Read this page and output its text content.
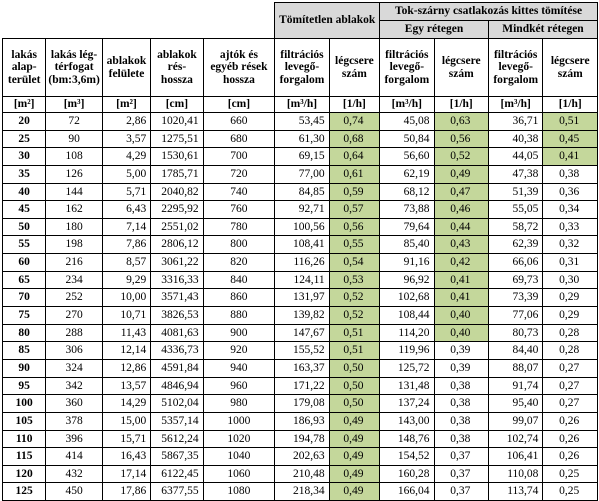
					Tömítetlen ablakok		Tok-szárny csatlakozás kittes tömítése			
							Egy rétegen		Mindkét rétegen	
lakás alap-terület	lakás lég-térfogat (bm:3,6m)	ablakok felülete	ablakok rés-hossza	ajtók és egyéb rések hossza	filtrációs levegő-forgalom	légcsere szám	filtrációs levegő-forgalom	légcsere szám	filtrációs levegő-forgalom	légcsere szám
[m²]	[m³]	[m²]	[cm]	[cm]	[m³/h]	[1/h]	[m³/h]	[1/h]	[m³/h]	[1/h]
20	72	2,86	1020,41	660	53,45	0,74	45,08	0,63	36,71	0,51
25	90	3,57	1275,51	680	61,30	0,68	50,84	0,56	40,38	0,45
30	108	4,29	1530,61	700	69,15	0,64	56,60	0,52	44,05	0,41
35	126	5,00	1785,71	720	77,00	0,61	62,19	0,49	47,38	0,38
40	144	5,71	2040,82	740	84,85	0,59	68,12	0,47	51,39	0,36
45	162	6,43	2295,92	760	92,71	0,57	73,88	0,46	55,05	0,34
50	180	7,14	2551,02	780	100,56	0,56	79,64	0,44	58,72	0,33
55	198	7,86	2806,12	800	108,41	0,55	85,40	0,43	62,39	0,32
60	216	8,57	3061,22	820	116,26	0,54	91,16	0,42	66,06	0,31
65	234	9,29	3316,33	840	124,11	0,53	96,92	0,41	69,73	0,30
70	252	10,00	3571,43	860	131,97	0,52	102,68	0,41	73,39	0,29
75	270	10,71	3826,53	880	139,82	0,52	108,44	0,40	77,06	0,29
80	288	11,43	4081,63	900	147,67	0,51	114,20	0,40	80,73	0,28
85	306	12,14	4336,73	920	155,52	0,51	119,96	0,39	84,40	0,28
90	324	12,86	4591,84	940	163,37	0,50	125,72	0,39	88,07	0,27
95	342	13,57	4846,94	960	171,22	0,50	131,48	0,38	91,74	0,27
100	360	14,29	5102,04	980	179,08	0,50	137,24	0,38	95,40	0,27
105	378	15,00	5357,14	1000	186,93	0,49	143,00	0,38	99,07	0,26
110	396	15,71	5612,24	1020	194,78	0,49	148,76	0,38	102,74	0,26
115	414	16,43	5867,35	1040	202,63	0,49	154,52	0,37	106,41	0,26
120	432	17,14	6122,45	1060	210,48	0,49	160,28	0,37	110,08	0,25
125	450	17,86	6377,55	1080	218,34	0,49	166,04	0,37	113,74	0,25
